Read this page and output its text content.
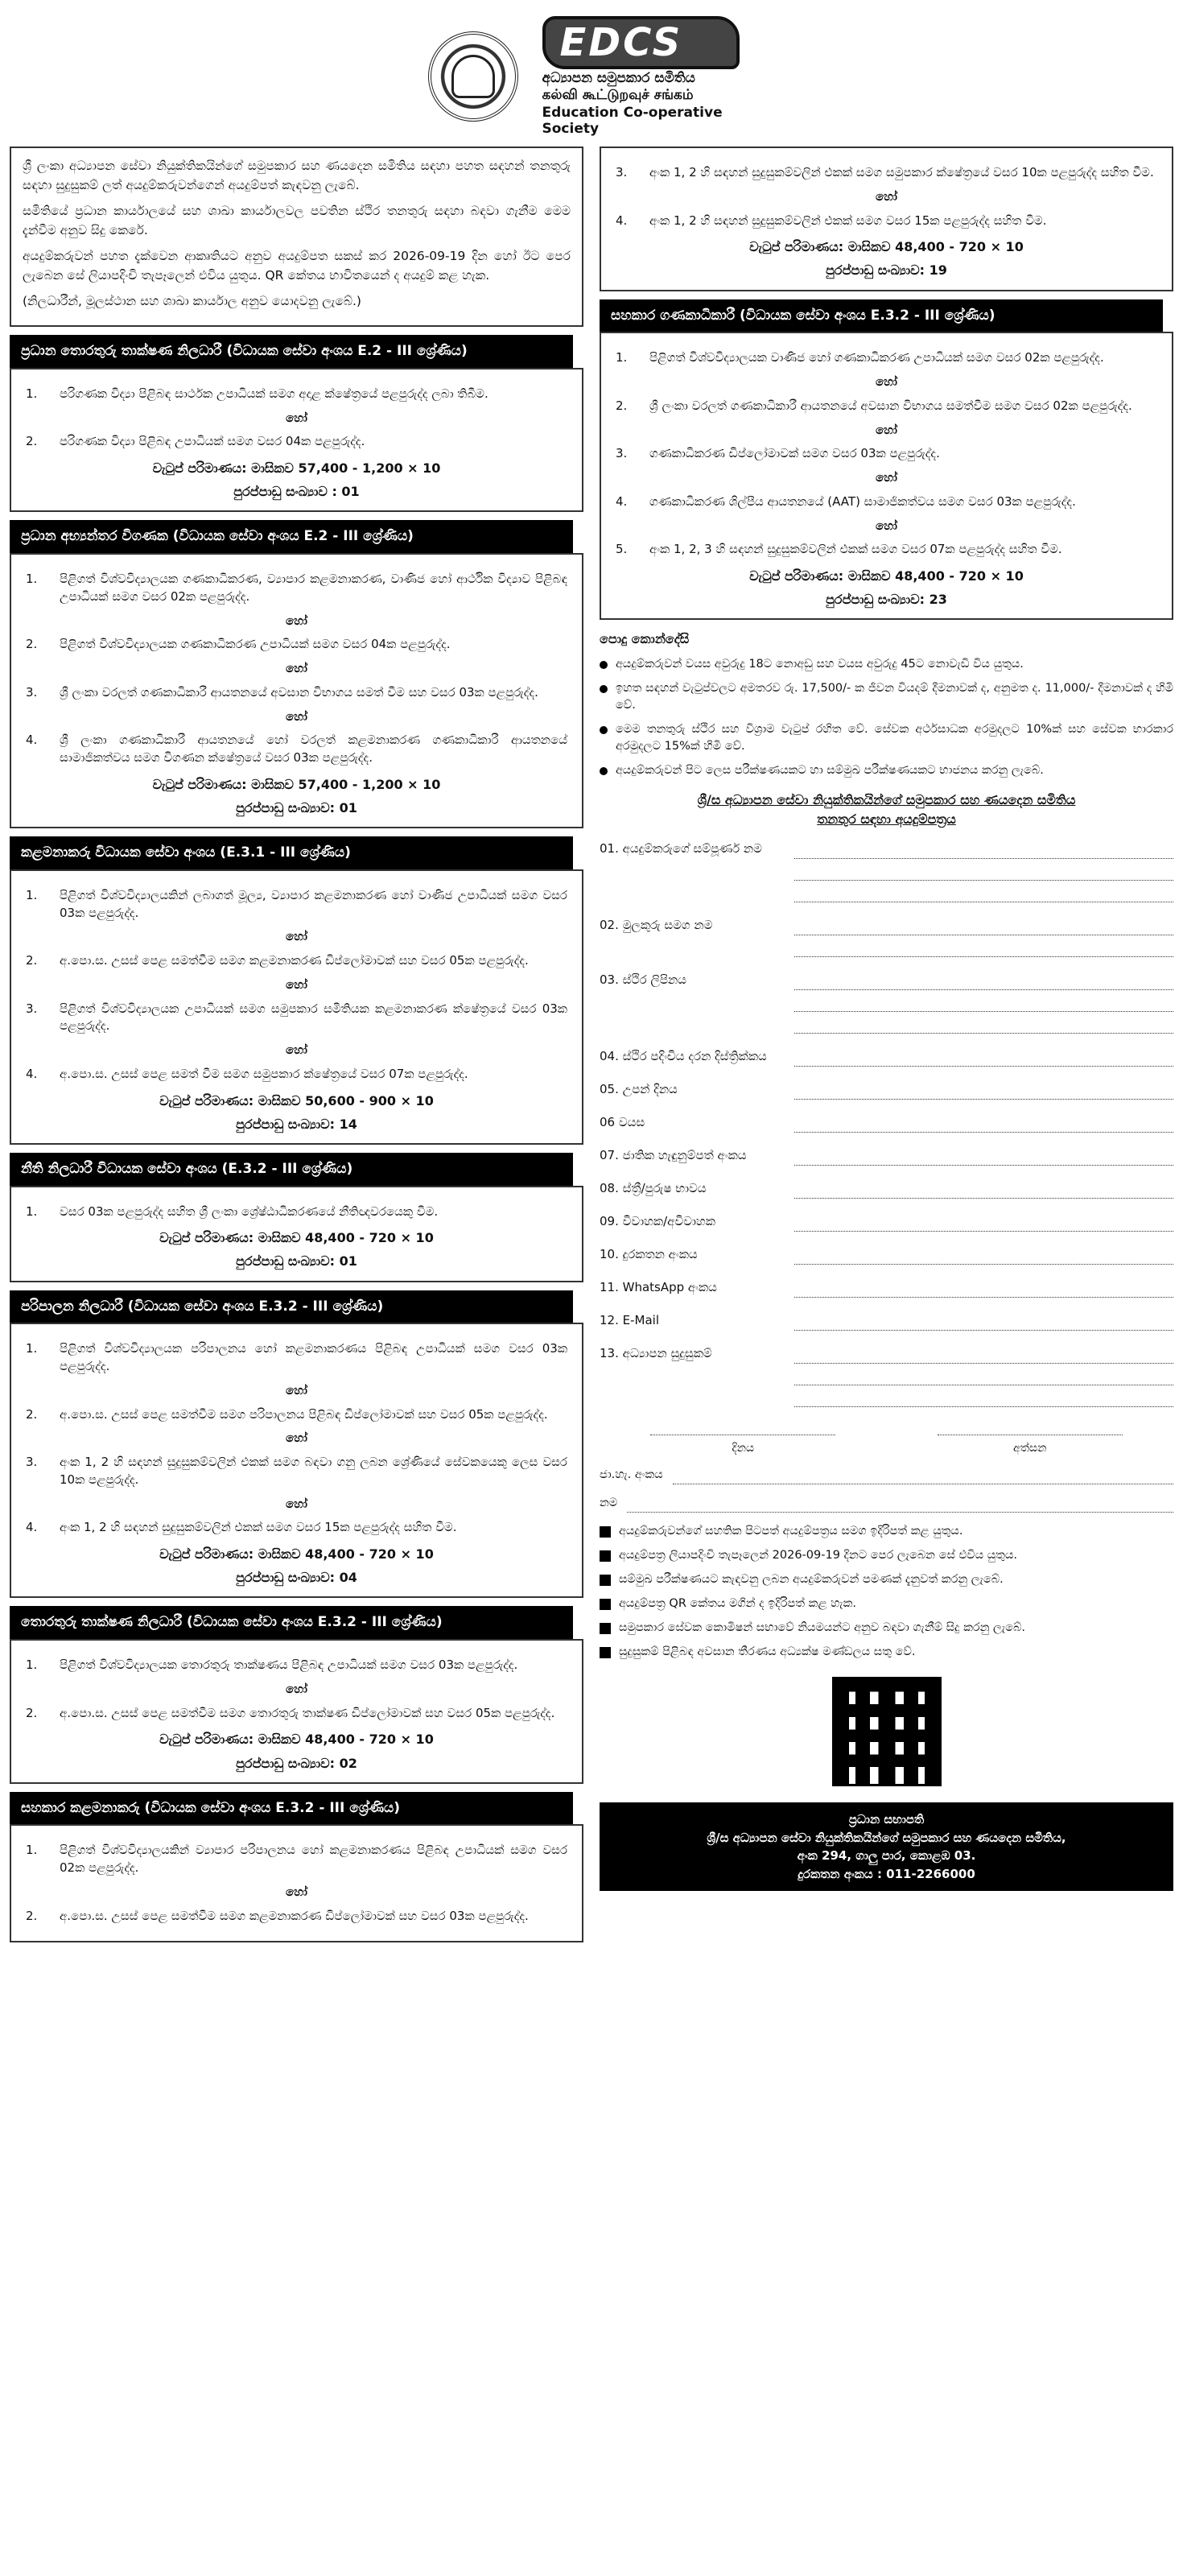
EDCS
අධ්‍යාපන සමුපකාර සමිතිය
கல்வி கூட்டுறவுச் சங்கம்
Education Co-operative Society

ශ්‍රී ලංකා අධ්‍යාපන සේවා නියුක්තිකයින්ගේ සමුපකාර සහ ණයදෙන සමිතිය සඳහා පහත සඳහන් තනතුරු සඳහා සුදුසුකම් ලත් අයදුම්කරුවන්ගෙන් අයදුම්පත් කැඳවනු ලැබේ.

සමිතියේ ප්‍රධාන කාර්යාලයේ සහ ශාඛා කාර්යාලවල පවතින ස්ථිර තනතුරු සඳහා බඳවා ගැනීම මෙම දැන්වීම අනුව සිදු කෙරේ.

අයදුම්කරුවන් පහත දැක්වෙන ආකෘතියට අනුව අයදුම්පත සකස් කර 2026-09-19 දින හෝ ඊට පෙර ලැබෙන සේ ලියාපදිංචි තැපෑලෙන් එවිය යුතුය. QR කේතය භාවිතයෙන් ද අයදුම් කළ හැක.

(නිලධාරීන්, මූලස්ථාන සහ ශාඛා කාර්යාල අනුව යොදවනු ලැබේ.)

ප්‍රධාන තොරතුරු තාක්ෂණ නිලධාරී (විධායක සේවා අංශය E.2 - III ශ්‍රේණිය)
1.	පරිගණක විද්‍යා පිළිබඳ සාර්ථක උපාධියක් සමග අදාළ ක්ෂේත්‍රයේ පළපුරුද්ද ලබා තිබීම.
හෝ
2.	පරිගණක විද්‍යා පිළිබඳ උපාධියක් සමග වසර 04ක පළපුරුද්ද.
වැටුප් පරිමාණය: මාසිකව 57,400 - 1,200 × 10
පුරප්පාඩු සංඛ්‍යාව : 01
ප්‍රධාන අභ්‍යන්තර විගණක (විධායක සේවා අංශය E.2 - III ශ්‍රේණිය)
1.	පිළිගත් විශ්වවිද්‍යාලයක ගණකාධිකරණ, ව්‍යාපාර කළමනාකරණ, වාණිජ හෝ ආර්ථික විද්‍යාව පිළිබඳ උපාධියක් සමග වසර 02ක පළපුරුද්ද.
හෝ
2.	පිළිගත් විශ්වවිද්‍යාලයක ගණකාධිකරණ උපාධියක් සමග වසර 04ක පළපුරුද්ද.
හෝ
3.	ශ්‍රී ලංකා වරලත් ගණකාධිකාරී ආයතනයේ අවසාන විභාගය සමත් වීම සහ වසර 03ක පළපුරුද්ද.
හෝ
4.	ශ්‍රී ලංකා ගණකාධිකාරී ආයතනයේ හෝ වරලත් කළමනාකරණ ගණකාධිකාරී ආයතනයේ සාමාජිකත්වය සමග විගණන ක්ෂේත්‍රයේ වසර 03ක පළපුරුද්ද.
වැටුප් පරිමාණය: මාසිකව 57,400 - 1,200 × 10
පුරප්පාඩු සංඛ්‍යාව: 01
කළමනාකරු විධායක සේවා අංශය (E.3.1 - III ශ්‍රේණිය)
1.	පිළිගත් විශ්වවිද්‍යාලයකින් ලබාගත් මූල්‍ය, ව්‍යාපාර කළමනාකරණ හෝ වාණිජ උපාධියක් සමග වසර 03ක පළපුරුද්ද.
හෝ
2.	අ.පො.ස. උසස් පෙළ සමත්වීම සමග කළමනාකරණ ඩිප්ලෝමාවක් සහ වසර 05ක පළපුරුද්ද.
හෝ
3.	පිළිගත් විශ්වවිද්‍යාලයක උපාධියක් සමග සමුපකාර සමිතියක කළමනාකරණ ක්ෂේත්‍රයේ වසර 03ක පළපුරුද්ද.
හෝ
4.	අ.පො.ස. උසස් පෙළ සමත් වීම සමග සමුපකාර ක්ෂේත්‍රයේ වසර 07ක පළපුරුද්ද.
වැටුප් පරිමාණය: මාසිකව 50,600 - 900 × 10
පුරප්පාඩු සංඛ්‍යාව: 14
නීති නිලධාරී විධායක සේවා අංශය (E.3.2 - III ශ්‍රේණිය)
1.	වසර 03ක පළපුරුද්ද සහිත ශ්‍රී ලංකා ශ්‍රේෂ්ඨාධිකරණයේ නීතිඥවරයෙකු වීම.
වැටුප් පරිමාණය: මාසිකව 48,400 - 720 × 10
පුරප්පාඩු සංඛ්‍යාව: 01
පරිපාලන නිලධාරී (විධායක සේවා අංශය E.3.2 - III ශ්‍රේණිය)
1.	පිළිගත් විශ්වවිද්‍යාලයක පරිපාලනය හෝ කළමනාකරණය පිළිබඳ උපාධියක් සමග වසර 03ක පළපුරුද්ද.
හෝ
2.	අ.පො.ස. උසස් පෙළ සමත්වීම සමග පරිපාලනය පිළිබඳ ඩිප්ලෝමාවක් සහ වසර 05ක පළපුරුද්ද.
හෝ
3.	අංක 1, 2 හි සඳහන් සුදුසුකම්වලින් එකක් සමග බඳවා ගනු ලබන ශ්‍රේණියේ සේවකයෙකු ලෙස වසර 10ක පළපුරුද්ද.
හෝ
4.	අංක 1, 2 හි සඳහන් සුදුසුකම්වලින් එකක් සමග වසර 15ක පළපුරුද්ද සහිත වීම.
වැටුප් පරිමාණය: මාසිකව 48,400 - 720 × 10
පුරප්පාඩු සංඛ්‍යාව: 04
තොරතුරු තාක්ෂණ නිලධාරී (විධායක සේවා අංශය E.3.2 - III ශ්‍රේණිය)
1.	පිළිගත් විශ්වවිද්‍යාලයක තොරතුරු තාක්ෂණය පිළිබඳ උපාධියක් සමග වසර 03ක පළපුරුද්ද.
හෝ
2.	අ.පො.ස. උසස් පෙළ සමත්වීම සමග තොරතුරු තාක්ෂණ ඩිප්ලෝමාවක් සහ වසර 05ක පළපුරුද්ද.
වැටුප් පරිමාණය: මාසිකව 48,400 - 720 × 10
පුරප්පාඩු සංඛ්‍යාව: 02
සහකාර කළමනාකරු (විධායක සේවා අංශය E.3.2 - III ශ්‍රේණිය)
1.	පිළිගත් විශ්වවිද්‍යාලයකින් ව්‍යාපාර පරිපාලනය හෝ කළමනාකරණය පිළිබඳ උපාධියක් සමග වසර 02ක පළපුරුද්ද.
හෝ
2.	අ.පො.ස. උසස් පෙළ සමත්වීම සමග කළමනාකරණ ඩිප්ලෝමාවක් සහ වසර 03ක පළපුරුද්ද.
3.	අංක 1, 2 හි සඳහන් සුදුසුකම්වලින් එකක් සමග සමුපකාර ක්ෂේත්‍රයේ වසර 10ක පළපුරුද්ද සහිත වීම.
හෝ
4.	අංක 1, 2 හි සඳහන් සුදුසුකම්වලින් එකක් සමග වසර 15ක පළපුරුද්ද සහිත වීම.
වැටුප් පරිමාණය: මාසිකව 48,400 - 720 × 10
පුරප්පාඩු සංඛ්‍යාව: 19
සහකාර ගණකාධිකාරී (විධායක සේවා අංශය E.3.2 - III ශ්‍රේණිය)
1.	පිළිගත් විශ්වවිද්‍යාලයක වාණිජ හෝ ගණකාධිකරණ උපාධියක් සමග වසර 02ක පළපුරුද්ද.
හෝ
2.	ශ්‍රී ලංකා වරලත් ගණකාධිකාරී ආයතනයේ අවසාන විභාගය සමත්වීම සමග වසර 02ක පළපුරුද්ද.
හෝ
3.	ගණකාධිකරණ ඩිප්ලෝමාවක් සමග වසර 03ක පළපුරුද්ද.
හෝ
4.	ගණකාධිකරණ ශිල්පීය ආයතනයේ (AAT) සාමාජිකත්වය සමග වසර 03ක පළපුරුද්ද.
හෝ
5.	අංක 1, 2, 3 හි සඳහන් සුදුසුකම්වලින් එකක් සමග වසර 07ක පළපුරුද්ද සහිත වීම.
වැටුප් පරිමාණය: මාසිකව 48,400 - 720 × 10
පුරප්පාඩු සංඛ්‍යාව: 23
පොදු කොන්දේසි
අයදුම්කරුවන් වයස අවුරුදු 18ට නොඅඩු සහ වයස අවුරුදු 45ට නොවැඩි විය යුතුය.
ඉහත සඳහන් වැටුප්වලට අමතරව රු. 17,500/- ක ජීවන වියදම් දීමනාවක් ද, අනුමත ද. 11,000/- දීමනාවක් ද හිමි වේ.
මෙම තනතුරු ස්ථිර සහ විශ්‍රාම වැටුප් රහිත වේ. සේවක අර්ථසාධක අරමුදලට 10%ක් සහ සේවක භාරකාර අරමුදලට 15%ක් හිමි වේ.
අයදුම්කරුවන් පිට ලෙස පරීක්ෂණයකට හා සම්මුඛ පරීක්ෂණයකට භාජනය කරනු ලැබේ.
ශ්‍රී/ස අධ්‍යාපන සේවා නියුක්තිකයින්ගේ සමුපකාර සහ ණයදෙන සමිතිය
තනතුර සඳහා අයදුම්පත්‍රය
01. අයදුම්කරුගේ සම්පූර්ණ නම
02. මුලකුරු සමග නම
03. ස්ථිර ලිපිනය
04. ස්ථිර පදිංචිය දරන දිස්ත්‍රික්කය
05. උපන් දිනය
06 වයස
07. ජාතික හැඳුනුම්පත් අංකය
08. ස්ත්‍රී/පුරුෂ භාවය
09. විවාහක/අවිවාහක
10. දුරකතන අංකය
11. WhatsApp අංකය
12. E-Mail
13. අධ්‍යාපන සුදුසුකම්
දිනය	අත්සන
ජා.හැ. අංකය
නම
අයදුම්කරුවන්ගේ සහතික පිටපත් අයදුම්පත්‍රය සමග ඉදිරිපත් කළ යුතුය.
අයදුම්පත්‍ර ලියාපදිංචි තැපෑලෙන් 2026-09-19 දිනට පෙර ලැබෙන සේ එවිය යුතුය.
සම්මුඛ පරීක්ෂණයට කැඳවනු ලබන අයදුම්කරුවන් පමණක් දැනුවත් කරනු ලැබේ.
අයදුම්පත්‍ර QR කේතය මගින් ද ඉදිරිපත් කළ හැක.
සමුපකාර සේවක කොමිෂන් සභාවේ නියමයන්ට අනුව බඳවා ගැනීම් සිදු කරනු ලැබේ.
සුදුසුකම් පිළිබඳ අවසාන තීරණය අධ්‍යක්ෂ මණ්ඩලය සතු වේ.
ප්‍රධාන සභාපති
ශ්‍රී/ස අධ්‍යාපන සේවා නියුක්තිකයින්ගේ සමුපකාර සහ ණයදෙන සමිතිය,
අංක 294, ගාලු පාර, කොළඹ 03.
දුරකතන අංකය : 011-2266000
